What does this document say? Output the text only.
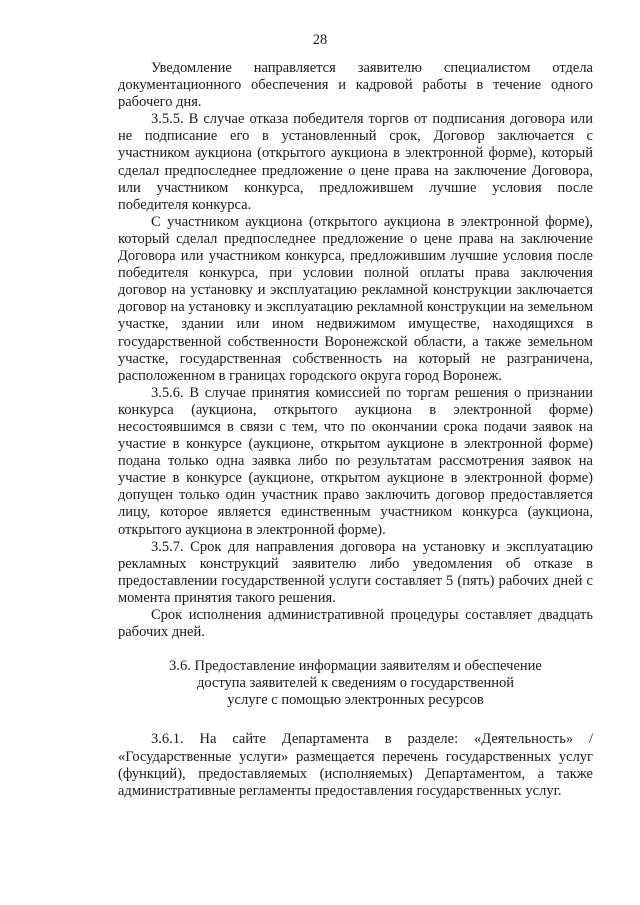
28

Уведомление направляется заявителю специалистом отдела документационного обеспечения и кадровой работы в течение одного рабочего дня.

3.5.5. В случае отказа победителя торгов от подписания договора или не подписание его в установленный срок, Договор заключается с участником аукциона (открытого аукциона в электронной форме), который сделал предпоследнее предложение о цене права на заключение Договора, или участником конкурса, предложившем лучшие условия после победителя конкурса.

С участником аукциона (открытого аукциона в электронной форме), который сделал предпоследнее предложение о цене права на заключение Договора или участником конкурса, предложившим лучшие условия после победителя конкурса, при условии полной оплаты права заключения договор на установку и эксплуатацию рекламной конструкции заключается договор на установку и эксплуатацию рекламной конструкции на земельном участке, здании или ином недвижимом имуществе, находящихся в государственной собственности Воронежской области, а также земельном участке, государственная собственность на который не разграничена, расположенном в границах городского округа город Воронеж.

3.5.6. В случае принятия комиссией по торгам решения о признании конкурса (аукциона, открытого аукциона в электронной форме) несостоявшимся в связи с тем, что по окончании срока подачи заявок на участие в конкурсе (аукционе, открытом аукционе в электронной форме) подана только одна заявка либо по результатам рассмотрения заявок на участие в конкурсе (аукционе, открытом аукционе в электронной форме) допущен только один участник право заключить договор предоставляется лицу, которое является единственным участником конкурса (аукциона, открытого аукциона в электронной форме).

3.5.7. Срок для направления договора на установку и эксплуатацию рекламных конструкций заявителю либо уведомления об отказе в предоставлении государственной услуги составляет 5 (пять) рабочих дней с момента принятия такого решения.

Срок исполнения административной процедуры составляет двадцать рабочих дней.

3.6. Предоставление информации заявителям и обеспечение
доступа заявителей к сведениям о государственной
услуге с помощью электронных ресурсов

3.6.1. На сайте Департамента в разделе: «Деятельность» / «Государственные услуги» размещается перечень государственных услуг (функций), предоставляемых (исполняемых) Департаментом, а также административные регламенты предоставления государственных услуг.
